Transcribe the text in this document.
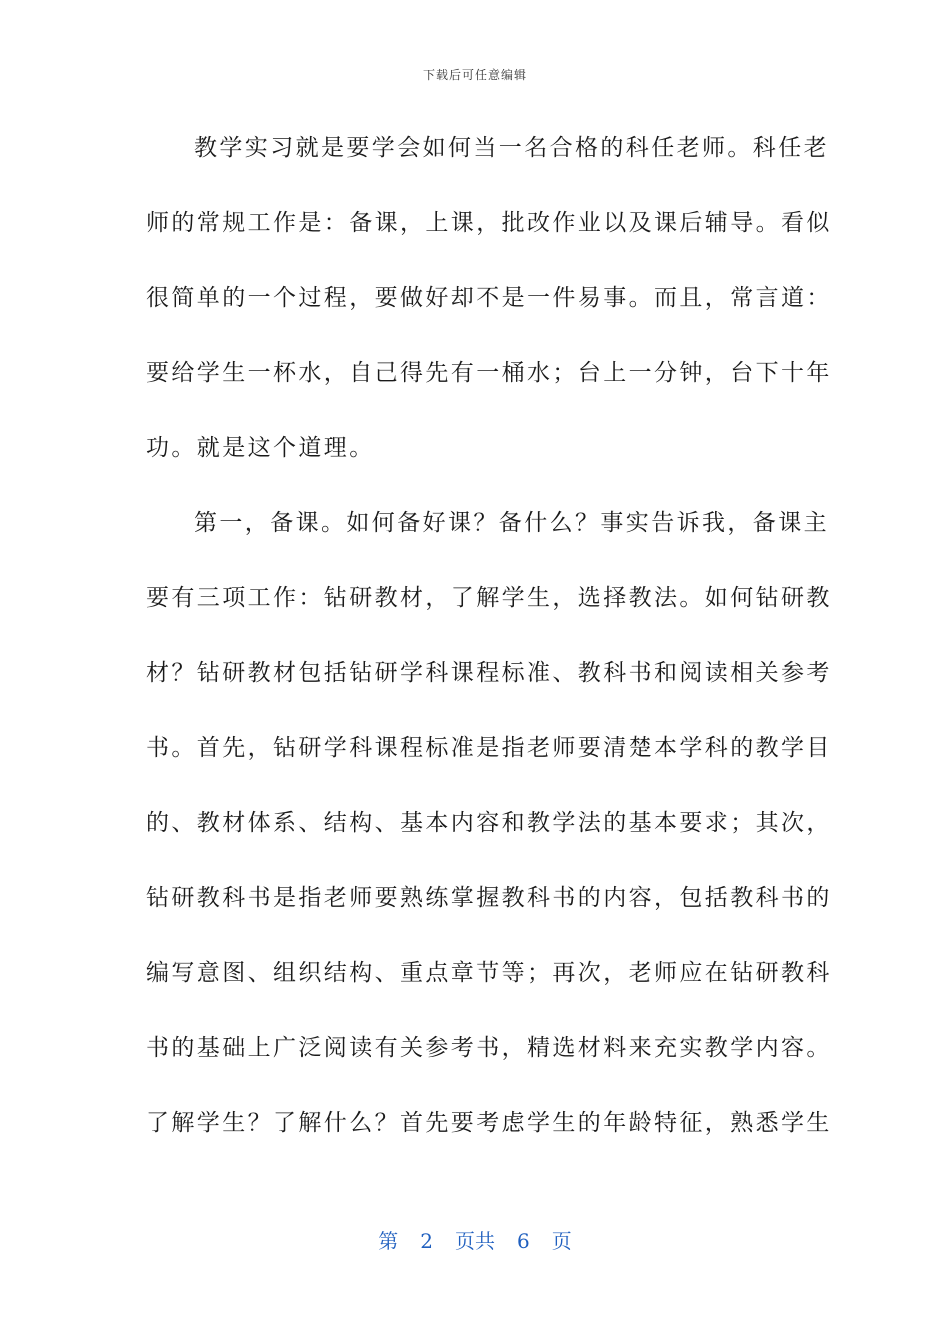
下载后可任意编辑
教学实习就是要学会如何当一名合格的科任老师。科任老
师的常规工作是：备课，上课，批改作业以及课后辅导。看似
很简单的一个过程，要做好却不是一件易事。而且，常言道：
要给学生一杯水，自己得先有一桶水；台上一分钟，台下十年
功。就是这个道理。
第一，备课。如何备好课？备什么？事实告诉我，备课主
要有三项工作：钻研教材，了解学生，选择教法。如何钻研教
材？钻研教材包括钻研学科课程标准、教科书和阅读相关参考
书。首先，钻研学科课程标准是指老师要清楚本学科的教学目
的、教材体系、结构、基本内容和教学法的基本要求；其次，
钻研教科书是指老师要熟练掌握教科书的内容，包括教科书的
编写意图、组织结构、重点章节等；再次，老师应在钻研教科
书的基础上广泛阅读有关参考书，精选材料来充实教学内容。
了解学生？了解什么？首先要考虑学生的年龄特征，熟悉学生
第 2 页共 6 页
